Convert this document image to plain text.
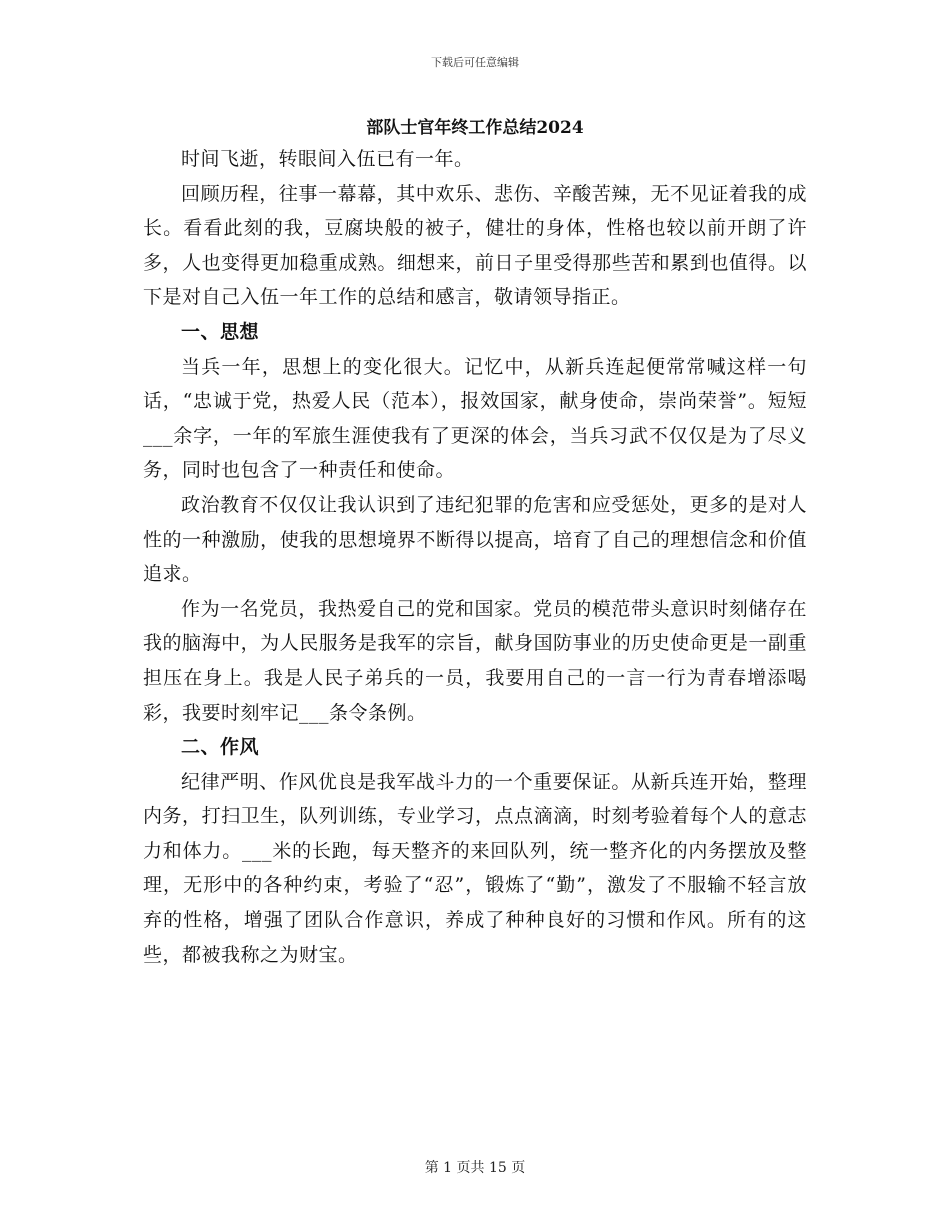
下载后可任意编辑
部队士官年终工作总结2024

时间飞逝，转眼间入伍已有一年。

回顾历程，往事一幕幕，其中欢乐、悲伤、辛酸苦辣，无不见证着我的成长。看看此刻的我，豆腐块般的被子，健壮的身体，性格也较以前开朗了许多，人也变得更加稳重成熟。细想来，前日子里受得那些苦和累到也值得。以下是对自己入伍一年工作的总结和感言，敬请领导指正。

一、思想

当兵一年，思想上的变化很大。记忆中，从新兵连起便常常喊这样一句话，“忠诚于党，热爱人民（范本），报效国家，献身使命，崇尚荣誉”。短短___余字，一年的军旅生涯使我有了更深的体会，当兵习武不仅仅是为了尽义务，同时也包含了一种责任和使命。

政治教育不仅仅让我认识到了违纪犯罪的危害和应受惩处，更多的是对人性的一种激励，使我的思想境界不断得以提高，培育了自己的理想信念和价值追求。

作为一名党员，我热爱自己的党和国家。党员的模范带头意识时刻储存在我的脑海中，为人民服务是我军的宗旨，献身国防事业的历史使命更是一副重担压在身上。我是人民子弟兵的一员，我要用自己的一言一行为青春增添喝彩，我要时刻牢记___条令条例。

二、作风

纪律严明、作风优良是我军战斗力的一个重要保证。从新兵连开始，整理内务，打扫卫生，队列训练，专业学习，点点滴滴，时刻考验着每个人的意志力和体力。___米的长跑，每天整齐的来回队列，统一整齐化的内务摆放及整理，无形中的各种约束，考验了“忍”，锻炼了“勤”，激发了不服输不轻言放弃的性格，增强了团队合作意识，养成了种种良好的习惯和作风。所有的这些，都被我称之为财宝。

第 1 页共 15 页
